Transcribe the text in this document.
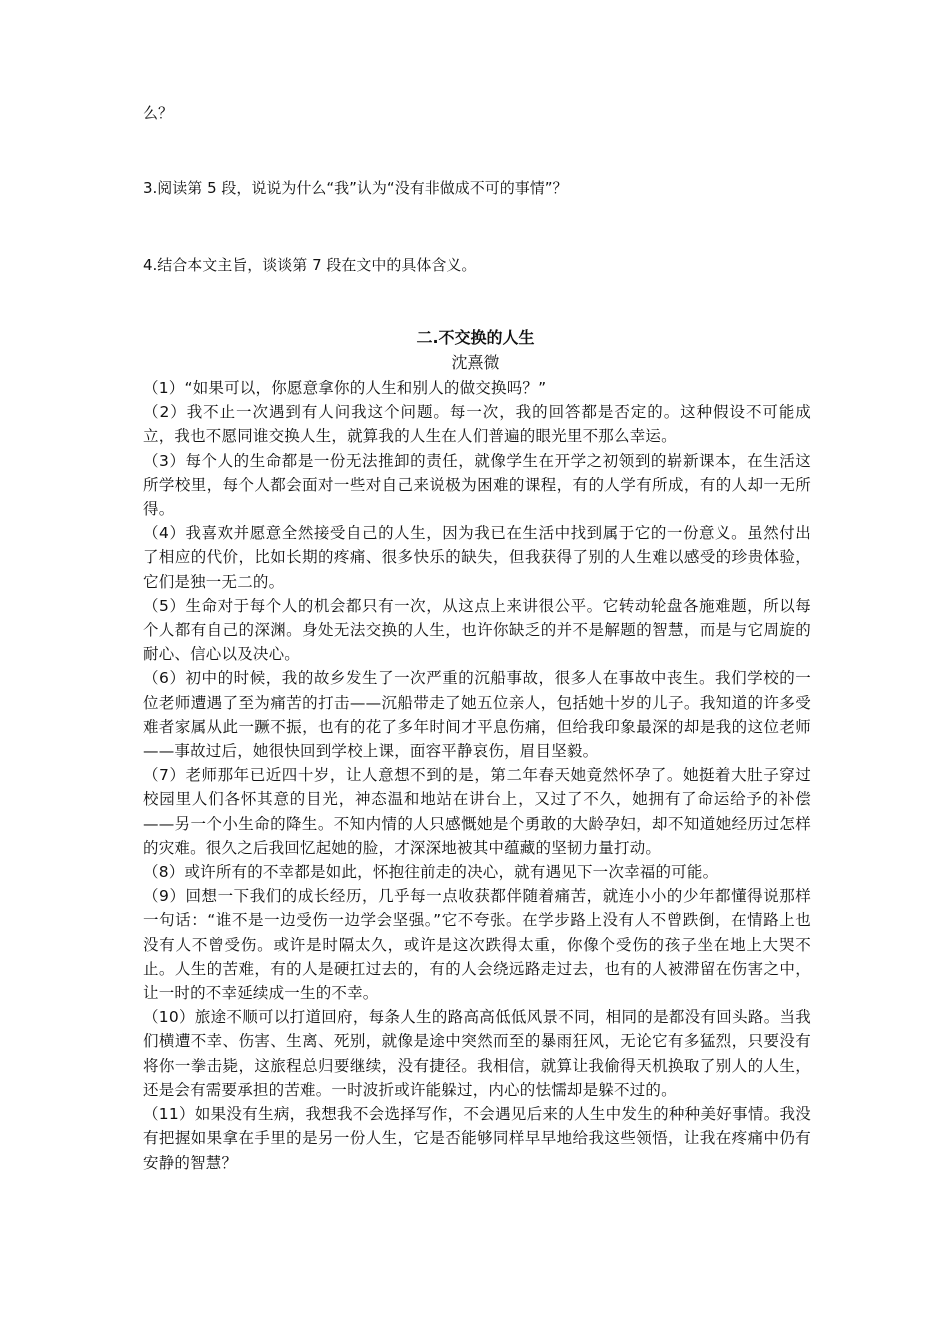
么？
3.阅读第 5 段，说说为什么“我”认为“没有非做成不可的事情”？
4.结合本文主旨，谈谈第 7 段在文中的具体含义。
二.不交换的人生
沈熹微

（1）“如果可以，你愿意拿你的人生和别人的做交换吗？”

（2）我不止一次遇到有人问我这个问题。每一次，我的回答都是否定的。这种假设不可能成立，我也不愿同谁交换人生，就算我的人生在人们普遍的眼光里不那么幸运。

（3）每个人的生命都是一份无法推卸的责任，就像学生在开学之初领到的崭新课本，在生活这所学校里，每个人都会面对一些对自己来说极为困难的课程，有的人学有所成，有的人却一无所得。

（4）我喜欢并愿意全然接受自己的人生，因为我已在生活中找到属于它的一份意义。虽然付出了相应的代价，比如长期的疼痛、很多快乐的缺失，但我获得了别的人生难以感受的珍贵体验，它们是独一无二的。

（5）生命对于每个人的机会都只有一次，从这点上来讲很公平。它转动轮盘各施难题，所以每个人都有自己的深渊。身处无法交换的人生，也许你缺乏的并不是解题的智慧，而是与它周旋的耐心、信心以及决心。

（6）初中的时候，我的故乡发生了一次严重的沉船事故，很多人在事故中丧生。我们学校的一位老师遭遇了至为痛苦的打击——沉船带走了她五位亲人，包括她十岁的儿子。我知道的许多受难者家属从此一蹶不振，也有的花了多年时间才平息伤痛，但给我印象最深的却是我的这位老师——事故过后，她很快回到学校上课，面容平静哀伤，眉目坚毅。

（7）老师那年已近四十岁，让人意想不到的是，第二年春天她竟然怀孕了。她挺着大肚子穿过校园里人们各怀其意的目光，神态温和地站在讲台上，又过了不久，她拥有了命运给予的补偿——另一个小生命的降生。不知内情的人只感慨她是个勇敢的大龄孕妇，却不知道她经历过怎样的灾难。很久之后我回忆起她的脸，才深深地被其中蕴藏的坚韧力量打动。

（8）或许所有的不幸都是如此，怀抱往前走的决心，就有遇见下一次幸福的可能。

（9）回想一下我们的成长经历，几乎每一点收获都伴随着痛苦，就连小小的少年都懂得说那样一句话：“谁不是一边受伤一边学会坚强。”它不夸张。在学步路上没有人不曾跌倒，在情路上也没有人不曾受伤。或许是时隔太久，或许是这次跌得太重，你像个受伤的孩子坐在地上大哭不止。人生的苦难，有的人是硬扛过去的，有的人会绕远路走过去，也有的人被滞留在伤害之中，让一时的不幸延续成一生的不幸。

（10）旅途不顺可以打道回府，每条人生的路高高低低风景不同，相同的是都没有回头路。当我们横遭不幸、伤害、生离、死别，就像是途中突然而至的暴雨狂风，无论它有多猛烈，只要没有将你一拳击毙，这旅程总归要继续，没有捷径。我相信，就算让我偷得天机换取了别人的人生，还是会有需要承担的苦难。一时波折或许能躲过，内心的怯懦却是躲不过的。

（11）如果没有生病，我想我不会选择写作，不会遇见后来的人生中发生的种种美好事情。我没有把握如果拿在手里的是另一份人生，它是否能够同样早早地给我这些领悟，让我在疼痛中仍有安静的智慧？
